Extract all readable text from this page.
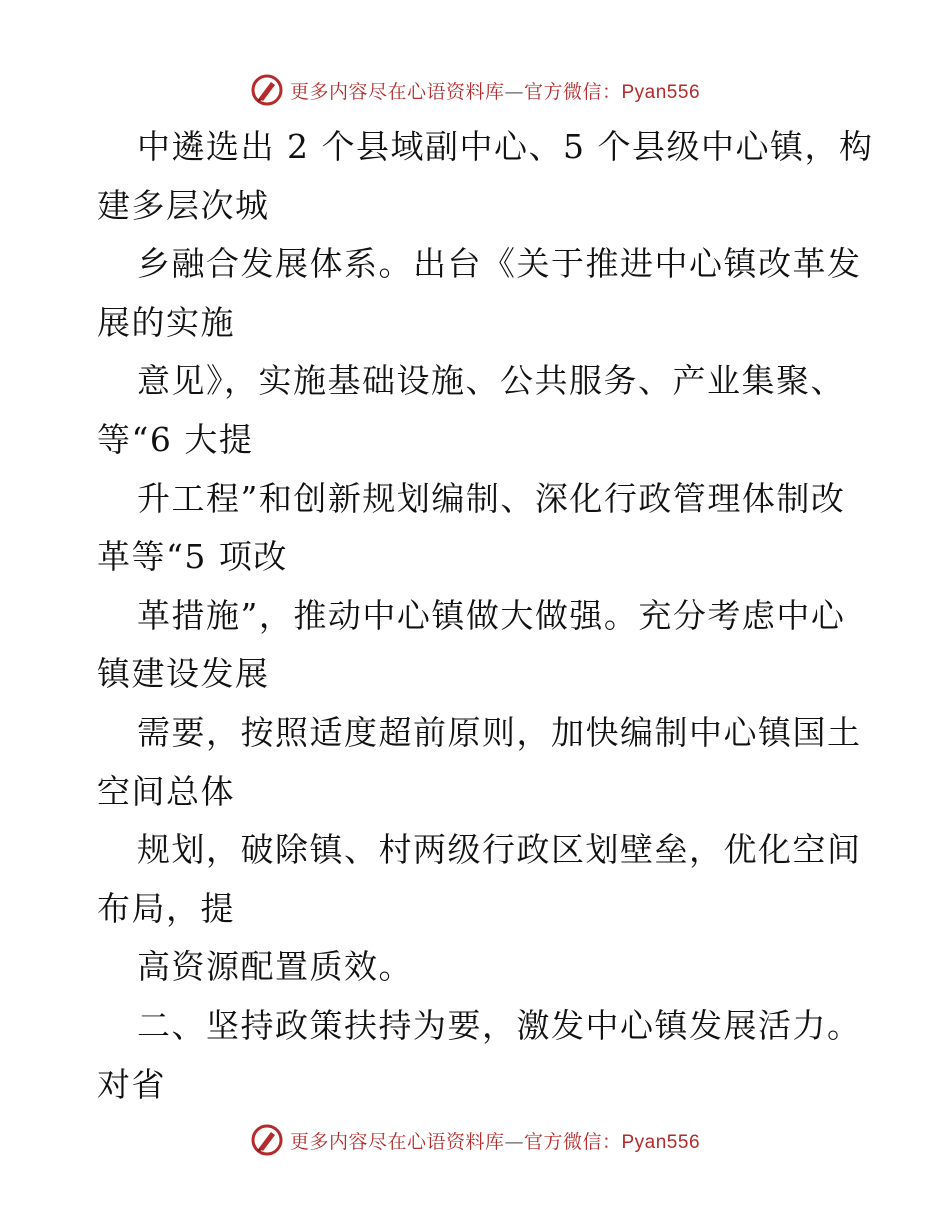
更多内容尽在心语资料库—官方微信：Pyan556
中遴选出 2 个县域副中心、5 个县级中心镇，构
建多层次城
乡融合发展体系。出台《关于推进中心镇改革发
展的实施
意见》，实施基础设施、公共服务、产业集聚、
等“6 大提
升工程”和创新规划编制、深化行政管理体制改
革等“5 项改
革措施”，推动中心镇做大做强。充分考虑中心
镇建设发展
需要，按照适度超前原则，加快编制中心镇国土
空间总体
规划，破除镇、村两级行政区划壁垒，优化空间
布局，提
高资源配置质效。
二、坚持政策扶持为要，激发中心镇发展活力。
对省
更多内容尽在心语资料库—官方微信：Pyan556
